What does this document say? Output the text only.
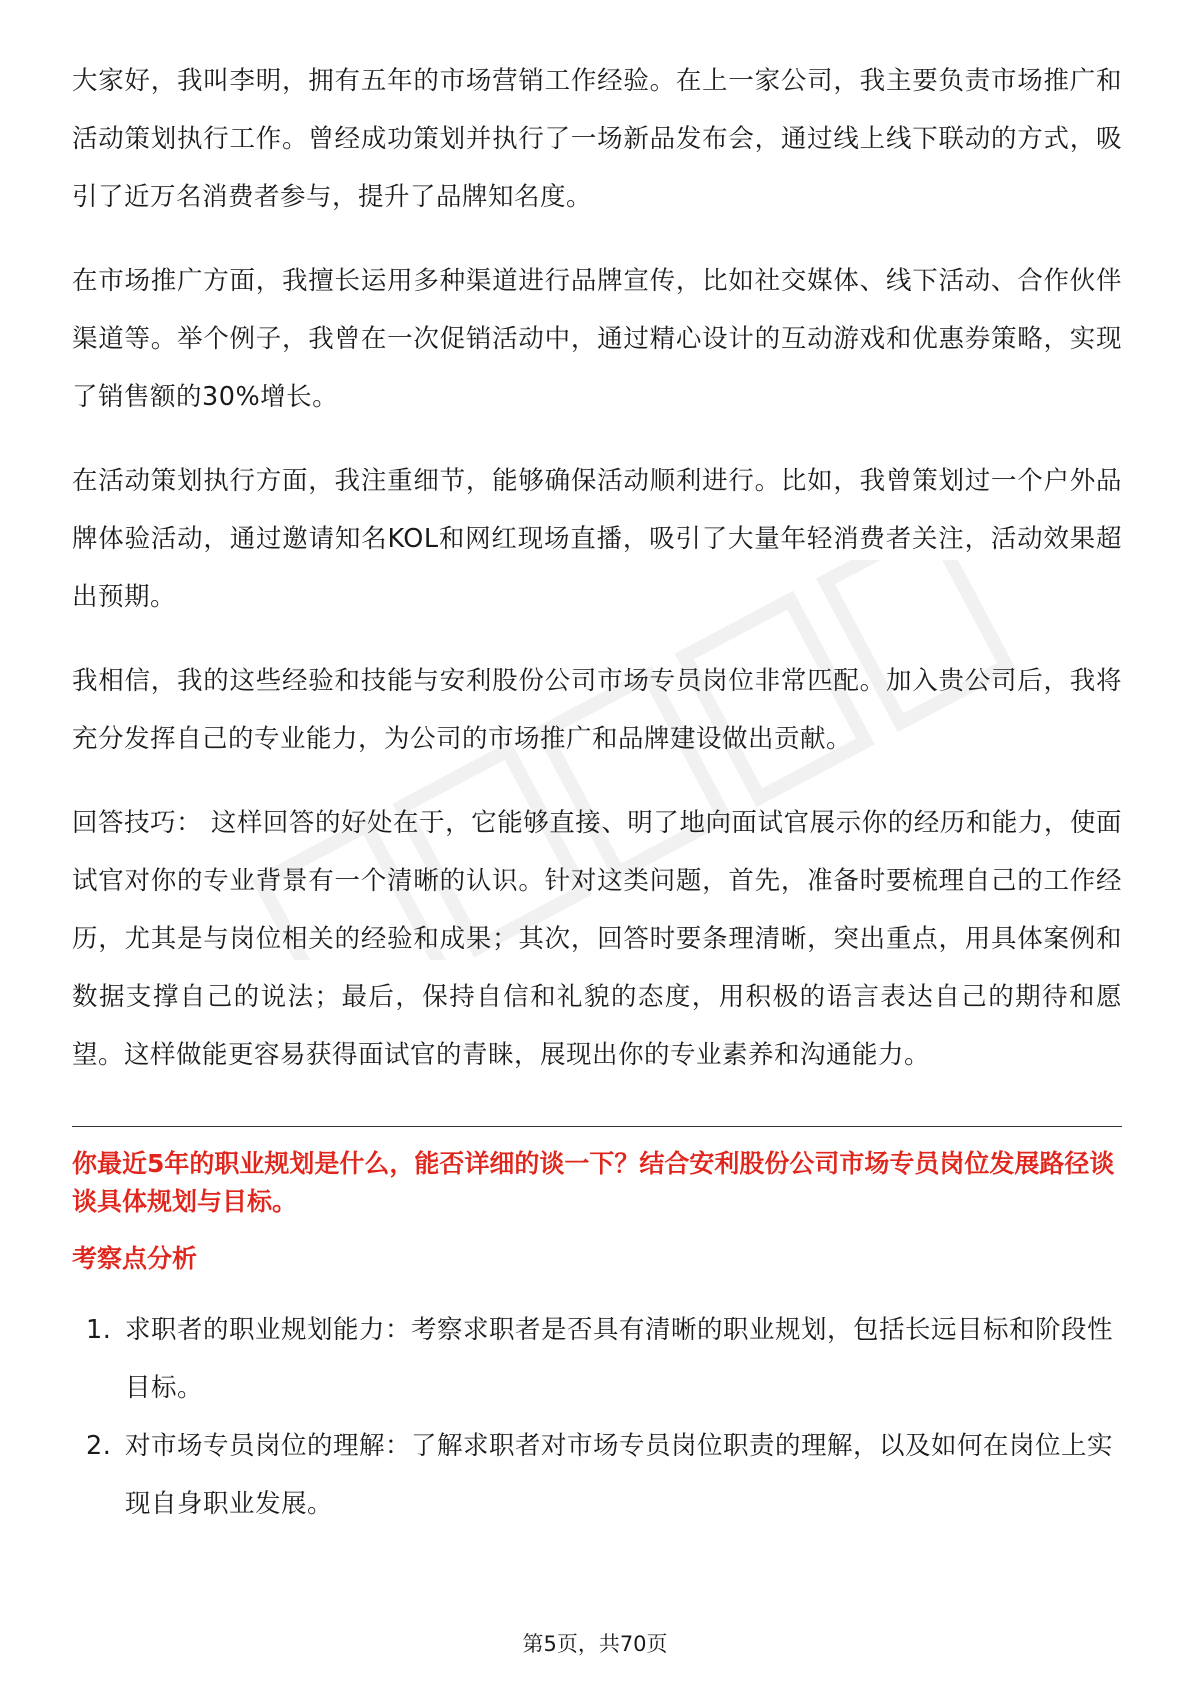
大家好，我叫李明，拥有五年的市场营销工作经验。在上一家公司，我主要负责市场推广和活动策划执行工作。曾经成功策划并执行了一场新品发布会，通过线上线下联动的方式，吸引了近万名消费者参与，提升了品牌知名度。

在市场推广方面，我擅长运用多种渠道进行品牌宣传，比如社交媒体、线下活动、合作伙伴渠道等。举个例子，我曾在一次促销活动中，通过精心设计的互动游戏和优惠券策略，实现了销售额的30%增长。

在活动策划执行方面，我注重细节，能够确保活动顺利进行。比如，我曾策划过一个户外品牌体验活动，通过邀请知名KOL和网红现场直播，吸引了大量年轻消费者关注，活动效果超出预期。

我相信，我的这些经验和技能与安利股份公司市场专员岗位非常匹配。加入贵公司后，我将充分发挥自己的专业能力，为公司的市场推广和品牌建设做出贡献。

回答技巧： 这样回答的好处在于，它能够直接、明了地向面试官展示你的经历和能力，使面试官对你的专业背景有一个清晰的认识。针对这类问题，首先，准备时要梳理自己的工作经历，尤其是与岗位相关的经验和成果；其次，回答时要条理清晰，突出重点，用具体案例和数据支撑自己的说法；最后，保持自信和礼貌的态度，用积极的语言表达自己的期待和愿望。这样做能更容易获得面试官的青睐，展现出你的专业素养和沟通能力。

你最近5年的职业规划是什么，能否详细的谈一下？结合安利股份公司市场专员岗位发展路径谈谈具体规划与目标。
考察点分析
1. 求职者的职业规划能力：考察求职者是否具有清晰的职业规划，包括长远目标和阶段性目标。
2. 对市场专员岗位的理解：了解求职者对市场专员岗位职责的理解，以及如何在岗位上实现自身职业发展。
第5页，共70页
